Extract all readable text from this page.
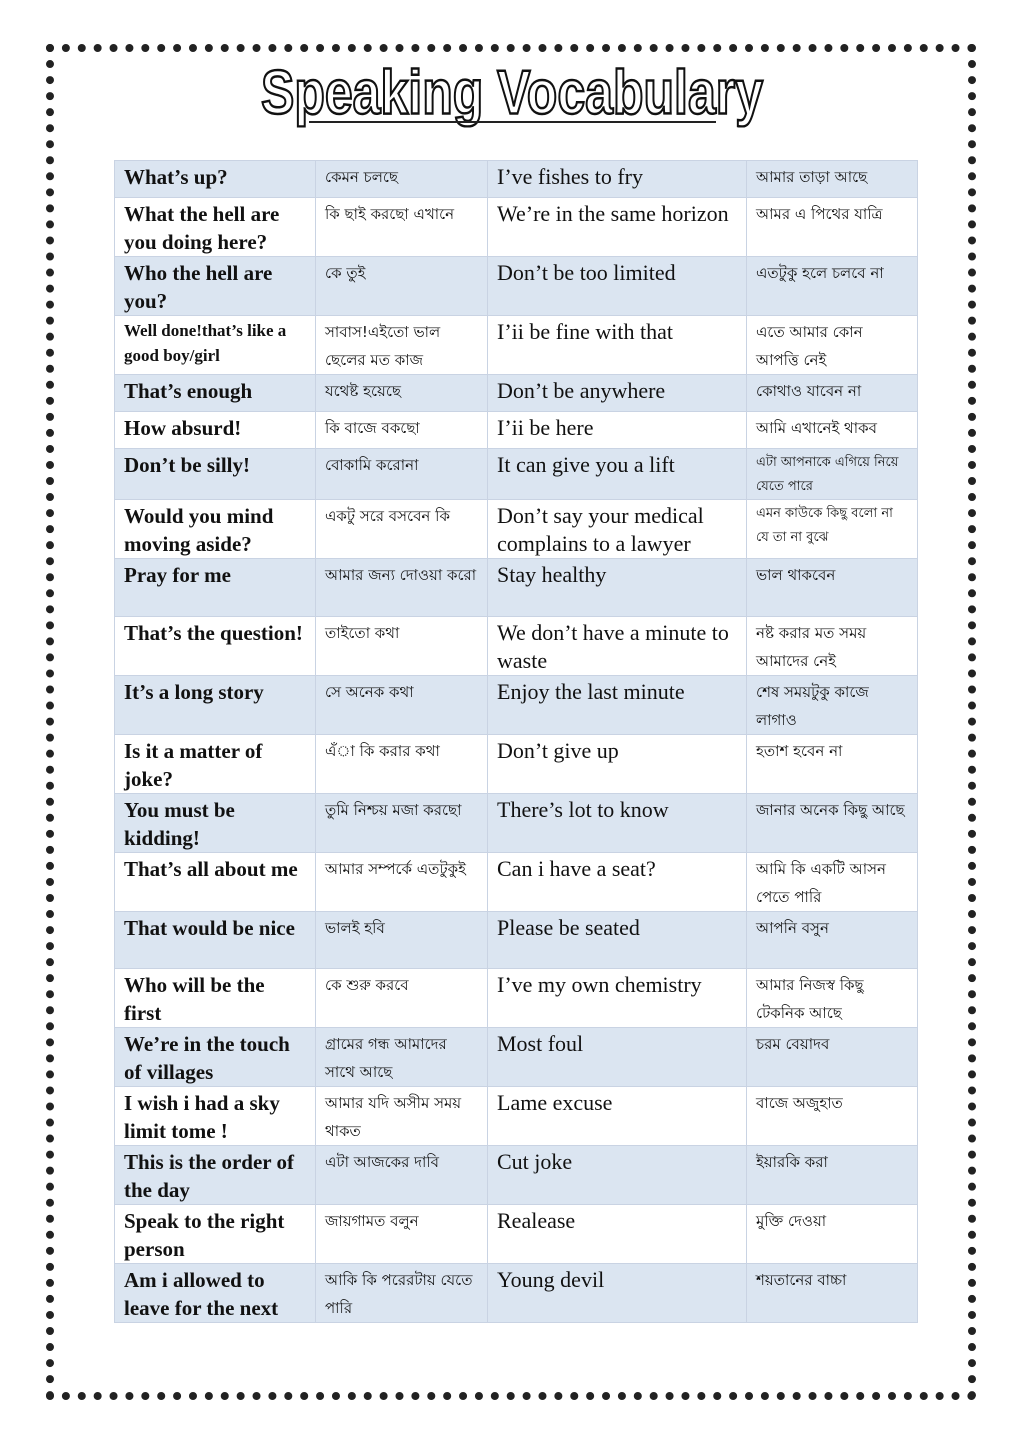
Speaking Vocabulary
What’s up?	কেমন চলছে	I’ve fishes to fry	আমার তাড়া আছে
What the hell are you doing here?	কি ছাই করছো এখানে	We’re in the same horizon	আমর এ পিথের যাত্রি
Who the hell are you?	কে তুই	Don’t be too limited	এতটুকু হলে চলবে না
Well done!that’s like a good boy/girl	সাবাস!এইতো ভাল ছেলের মত কাজ	I’ii be fine with that	এতে আমার কোন আপত্তি নেই
That’s enough	যথেষ্ট হয়েছে	Don’t be anywhere	কোথাও যাবেন না
How absurd!	কি বাজে বকছো	I’ii be here	আমি এখানেই থাকব
Don’t be silly!	বোকামি করোনা	It can give you a lift	এটা আপনাকে এগিয়ে নিয়ে যেতে পারে
Would you mind moving aside?	একটু সরে বসবেন কি	Don’t say your medical complains to a lawyer	এমন কাউকে কিছু বলো না যে তা না বুঝে
Pray for me	আমার জন্য দোওয়া করো	Stay healthy	ভাল থাকবেন
That’s the question!	তাইতো কথা	We don’t have a minute to waste	নষ্ট করার মত সময় আমাদের নেই
It’s a long story	সে অনেক কথা	Enjoy the last minute	শেষ সময়টুকু কাজে লাগাও
Is it a matter of joke?	এঁা কি করার কথা	Don’t give up	হতাশ হবেন না
You must be kidding!	তুমি নিশ্চয় মজা করছো	There’s lot to know	জানার অনেক কিছু আছে
That’s all about me	আমার সম্পর্কে এতটুকুই	Can i have a seat?	আমি কি একটি আসন পেতে পারি
That would be nice	ভালই হবি	Please be seated	আপনি বসুন
Who will be the first	কে শুরু করবে	I’ve my own chemistry	আমার নিজস্ব কিছু টেকনিক আছে
We’re in the touch of villages	গ্রামের গন্ধ আমাদের সাথে আছে	Most foul	চরম বেয়াদব
I wish i had a sky limit tome !	আমার যদি অসীম সময় থাকত	Lame excuse	বাজে অজুহাত
This is the order of the day	এটা আজকের দাবি	Cut joke	ইয়ারকি করা
Speak to the right person	জায়গামত বলুন	Realease	মুক্তি দেওয়া
Am i allowed to leave for the next	আকি কি পরেরটায় যেতে পারি	Young devil	শয়তানের বাচ্চা
